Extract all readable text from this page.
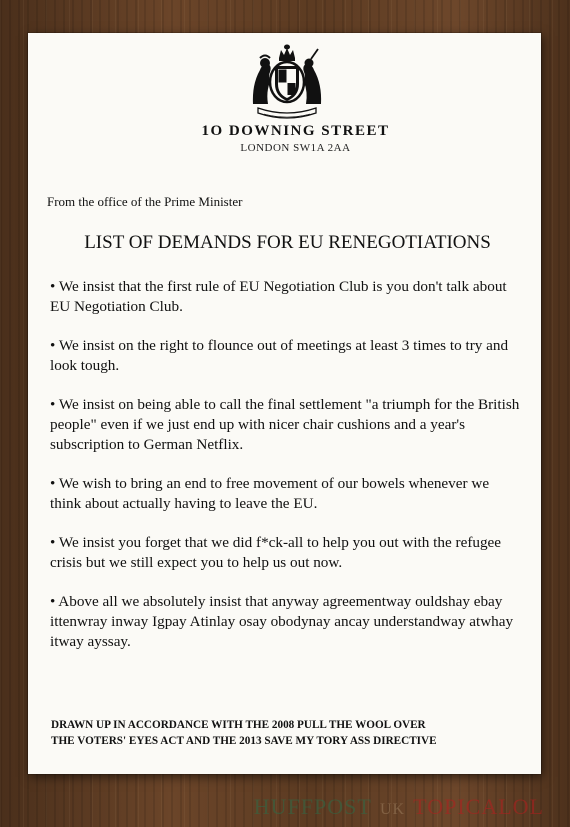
1O DOWNING STREET
LONDON SW1A 2AA
From the office of the Prime Minister
LIST OF DEMANDS FOR EU RENEGOTIATIONS

• We insist that the first rule of EU Negotiation Club is you don't talk about EU Negotiation Club.

• We insist on the right to flounce out of meetings at least 3 times to try and look tough.

• We insist on being able to call the final settlement "a triumph for the British people" even if we just end up with nicer chair cushions and a year's subscription to German Netflix.

• We wish to bring an end to free movement of our bowels whenever we think about actually having to leave the EU.

• We insist you forget that we did f*ck-all to help you out with the refugee crisis but we still expect you to help us out now.

• Above all we absolutely insist that anyway agreementway ouldshay ebay ittenwray inway Igpay Atinlay osay obodynay ancay understandway atwhay itway ayssay.

DRAWN UP IN ACCORDANCE WITH THE 2008 PULL THE WOOL OVER
THE VOTERS' EYES ACT AND THE 2013 SAVE MY TORY ASS DIRECTIVE
HUFFPOST UK TOPICALOL
